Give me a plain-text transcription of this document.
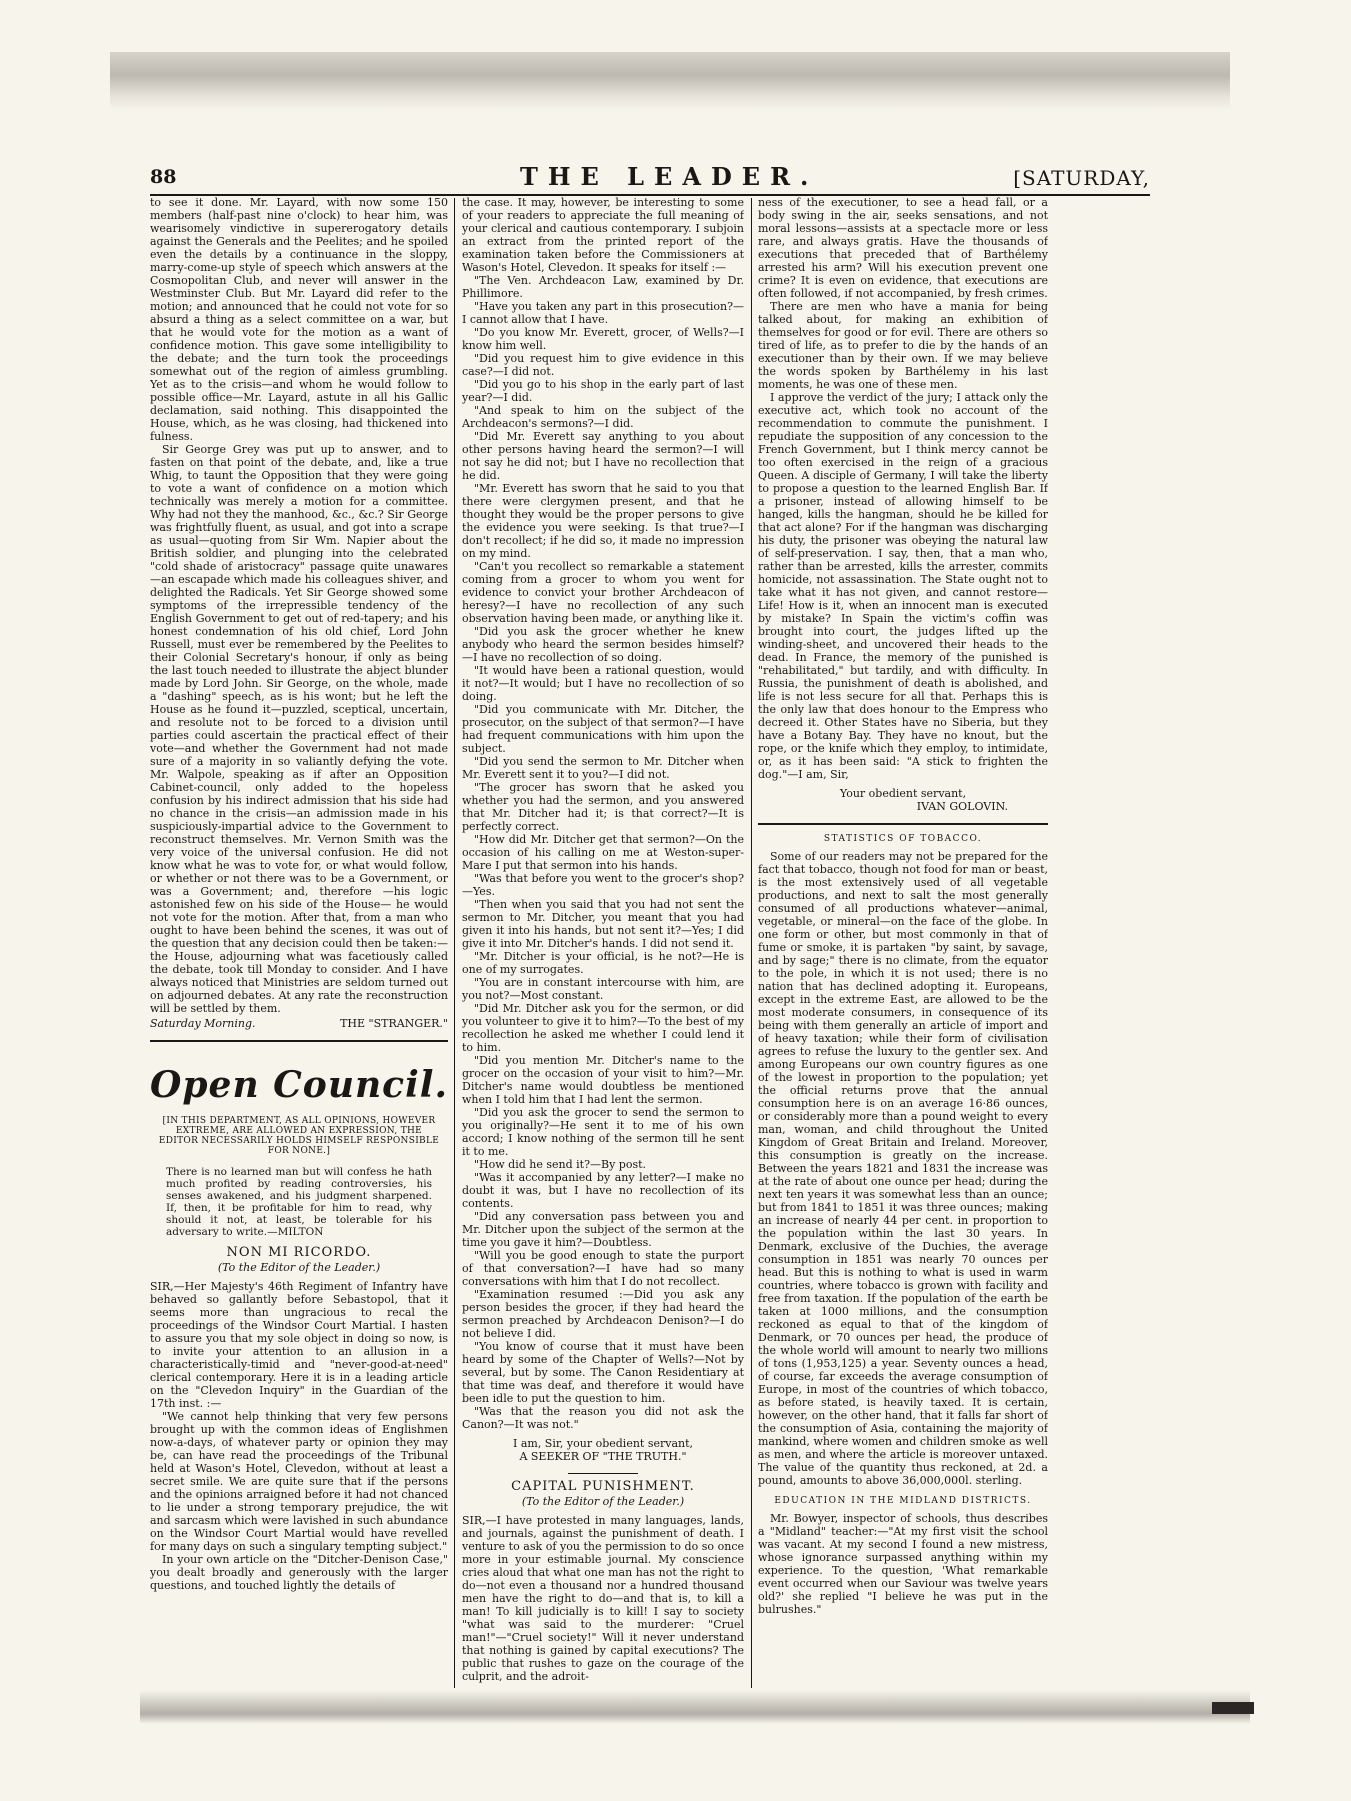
88	THE LEADER.	[SATURDAY,

to see it done. Mr. Layard, with now some 150 members (half-past nine o'clock) to hear him, was wearisomely vindictive in supererogatory details against the Generals and the Peelites; and he spoiled even the details by a continuance in the sloppy, marry-come-up style of speech which answers at the Cosmopolitan Club, and never will answer in the Westminster Club. But Mr. Layard did refer to the motion; and announced that he could not vote for so absurd a thing as a select committee on a war, but that he would vote for the motion as a want of confidence motion. This gave some intelligibility to the debate; and the turn took the proceedings somewhat out of the region of aimless grumbling. Yet as to the crisis—and whom he would follow to possible office—Mr. Layard, astute in all his Gallic declamation, said nothing. This disappointed the House, which, as he was closing, had thickened into fulness.

Sir George Grey was put up to answer, and to fasten on that point of the debate, and, like a true Whig, to taunt the Opposition that they were going to vote a want of confidence on a motion which technically was merely a motion for a committee. Why had not they the manhood, &c., &c.? Sir George was frightfully fluent, as usual, and got into a scrape as usual—quoting from Sir Wm. Napier about the British soldier, and plunging into the celebrated "cold shade of aristocracy" passage quite unawares —an escapade which made his colleagues shiver, and delighted the Radicals. Yet Sir George showed some symptoms of the irrepressible tendency of the English Government to get out of red-tapery; and his honest condemnation of his old chief, Lord John Russell, must ever be remembered by the Peelites to their Colonial Secretary's honour, if only as being the last touch needed to illustrate the abject blunder made by Lord John. Sir George, on the whole, made a "dashing" speech, as is his wont; but he left the House as he found it—puzzled, sceptical, uncertain, and resolute not to be forced to a division until parties could ascertain the practical effect of their vote—and whether the Government had not made sure of a majority in so valiantly defying the vote. Mr. Walpole, speaking as if after an Opposition Cabinet-council, only added to the hopeless confusion by his indirect admission that his side had no chance in the crisis—an admission made in his suspiciously-impartial advice to the Government to reconstruct themselves. Mr. Vernon Smith was the very voice of the universal confusion. He did not know what he was to vote for, or what would follow, or whether or not there was to be a Government, or was a Government; and, therefore —his logic astonished few on his side of the House— he would not vote for the motion. After that, from a man who ought to have been behind the scenes, it was out of the question that any decision could then be taken:—the House, adjourning what was facetiously called the debate, took till Monday to consider. And I have always noticed that Ministries are seldom turned out on adjourned debates. At any rate the reconstruction will be settled by them.

Saturday Morning.	THE "STRANGER."
Open Council.
[IN THIS DEPARTMENT, AS ALL OPINIONS, HOWEVER EXTREME, ARE ALLOWED AN EXPRESSION, THE EDITOR NECESSARILY HOLDS HIMSELF RESPONSIBLE FOR NONE.]
There is no learned man but will confess he hath much profited by reading controversies, his senses awakened, and his judgment sharpened. If, then, it be profitable for him to read, why should it not, at least, be tolerable for his adversary to write.—MILTON
NON MI RICORDO.
(To the Editor of the Leader.)

SIR,—Her Majesty's 46th Regiment of Infantry have behaved so gallantly before Sebastopol, that it seems more than ungracious to recal the proceedings of the Windsor Court Martial. I hasten to assure you that my sole object in doing so now, is to invite your attention to an allusion in a characteristically-timid and "never-good-at-need" clerical contemporary. Here it is in a leading article on the "Clevedon Inquiry" in the Guardian of the 17th inst. :—

"We cannot help thinking that very few persons brought up with the common ideas of Englishmen now-a-days, of whatever party or opinion they may be, can have read the proceedings of the Tribunal held at Wason's Hotel, Clevedon, without at least a secret smile. We are quite sure that if the persons and the opinions arraigned before it had not chanced to lie under a strong temporary prejudice, the wit and sarcasm which were lavished in such abundance on the Windsor Court Martial would have revelled for many days on such a singulary tempting subject."

In your own article on the "Ditcher-Denison Case," you dealt broadly and generously with the larger questions, and touched lightly the details of

the case. It may, however, be interesting to some of your readers to appreciate the full meaning of your clerical and cautious contemporary. I subjoin an extract from the printed report of the examination taken before the Commissioners at Wason's Hotel, Clevedon. It speaks for itself :—

"The Ven. Archdeacon Law, examined by Dr. Phillimore.

"Have you taken any part in this prosecution?—I cannot allow that I have.

"Do you know Mr. Everett, grocer, of Wells?—I know him well.

"Did you request him to give evidence in this case?—I did not.

"Did you go to his shop in the early part of last year?—I did.

"And speak to him on the subject of the Archdeacon's sermons?—I did.

"Did Mr. Everett say anything to you about other persons having heard the sermon?—I will not say he did not; but I have no recollection that he did.

"Mr. Everett has sworn that he said to you that there were clergymen present, and that he thought they would be the proper persons to give the evidence you were seeking. Is that true?—I don't recollect; if he did so, it made no impression on my mind.

"Can't you recollect so remarkable a statement coming from a grocer to whom you went for evidence to convict your brother Archdeacon of heresy?—I have no recollection of any such observation having been made, or anything like it.

"Did you ask the grocer whether he knew anybody who heard the sermon besides himself?—I have no recollection of so doing.

"It would have been a rational question, would it not?—It would; but I have no recollection of so doing.

"Did you communicate with Mr. Ditcher, the prosecutor, on the subject of that sermon?—I have had frequent communications with him upon the subject.

"Did you send the sermon to Mr. Ditcher when Mr. Everett sent it to you?—I did not.

"The grocer has sworn that he asked you whether you had the sermon, and you answered that Mr. Ditcher had it; is that correct?—It is perfectly correct.

"How did Mr. Ditcher get that sermon?—On the occasion of his calling on me at Weston-super-Mare I put that sermon into his hands.

"Was that before you went to the grocer's shop?—Yes.

"Then when you said that you had not sent the sermon to Mr. Ditcher, you meant that you had given it into his hands, but not sent it?—Yes; I did give it into Mr. Ditcher's hands. I did not send it.

"Mr. Ditcher is your official, is he not?—He is one of my surrogates.

"You are in constant intercourse with him, are you not?—Most constant.

"Did Mr. Ditcher ask you for the sermon, or did you volunteer to give it to him?—To the best of my recollection he asked me whether I could lend it to him.

"Did you mention Mr. Ditcher's name to the grocer on the occasion of your visit to him?—Mr. Ditcher's name would doubtless be mentioned when I told him that I had lent the sermon.

"Did you ask the grocer to send the sermon to you originally?—He sent it to me of his own accord; I know nothing of the sermon till he sent it to me.

"How did he send it?—By post.

"Was it accompanied by any letter?—I make no doubt it was, but I have no recollection of its contents.

"Did any conversation pass between you and Mr. Ditcher upon the subject of the sermon at the time you gave it him?—Doubtless.

"Will you be good enough to state the purport of that conversation?—I have had so many conversations with him that I do not recollect.

"Examination resumed :—Did you ask any person besides the grocer, if they had heard the sermon preached by Archdeacon Denison?—I do not believe I did.

"You know of course that it must have been heard by some of the Chapter of Wells?—Not by several, but by some. The Canon Residentiary at that time was deaf, and therefore it would have been idle to put the question to him.

"Was that the reason you did not ask the Canon?—It was not."

I am, Sir, your obedient servant,
A SEEKER OF "THE TRUTH."
CAPITAL PUNISHMENT.
(To the Editor of the Leader.)

SIR,—I have protested in many languages, lands, and journals, against the punishment of death. I venture to ask of you the permission to do so once more in your estimable journal. My conscience cries aloud that what one man has not the right to do—not even a thousand nor a hundred thousand men have the right to do—and that is, to kill a man! To kill judicially is to kill! I say to society "what was said to the murderer: "Cruel man!"—"Cruel society!" Will it never understand that nothing is gained by capital executions? The public that rushes to gaze on the courage of the culprit, and the adroit-

ness of the executioner, to see a head fall, or a body swing in the air, seeks sensations, and not moral lessons—assists at a spectacle more or less rare, and always gratis. Have the thousands of executions that preceded that of Barthélemy arrested his arm? Will his execution prevent one crime? It is even on evidence, that executions are often followed, if not accompanied, by fresh crimes.

There are men who have a mania for being talked about, for making an exhibition of themselves for good or for evil. There are others so tired of life, as to prefer to die by the hands of an executioner than by their own. If we may believe the words spoken by Barthélemy in his last moments, he was one of these men.

I approve the verdict of the jury; I attack only the executive act, which took no account of the recommendation to commute the punishment. I repudiate the supposition of any concession to the French Government, but I think mercy cannot be too often exercised in the reign of a gracious Queen. A disciple of Germany, I will take the liberty to propose a question to the learned English Bar. If a prisoner, instead of allowing himself to be hanged, kills the hangman, should he be killed for that act alone? For if the hangman was discharging his duty, the prisoner was obeying the natural law of self-preservation. I say, then, that a man who, rather than be arrested, kills the arrester, commits homicide, not assassination. The State ought not to take what it has not given, and cannot restore—Life! How is it, when an innocent man is executed by mistake? In Spain the victim's coffin was brought into court, the judges lifted up the winding-sheet, and uncovered their heads to the dead. In France, the memory of the punished is "rehabilitated," but tardily, and with difficulty. In Russia, the punishment of death is abolished, and life is not less secure for all that. Perhaps this is the only law that does honour to the Empress who decreed it. Other States have no Siberia, but they have a Botany Bay. They have no knout, but the rope, or the knife which they employ, to intimidate, or, as it has been said: "A stick to frighten the dog."—I am, Sir,

Your obedient servant,
IVAN GOLOVIN.
STATISTICS OF TOBACCO.

Some of our readers may not be prepared for the fact that tobacco, though not food for man or beast, is the most extensively used of all vegetable productions, and next to salt the most generally consumed of all productions whatever—animal, vegetable, or mineral—on the face of the globe. In one form or other, but most commonly in that of fume or smoke, it is partaken "by saint, by savage, and by sage;" there is no climate, from the equator to the pole, in which it is not used; there is no nation that has declined adopting it. Europeans, except in the extreme East, are allowed to be the most moderate consumers, in consequence of its being with them generally an article of import and of heavy taxation; while their form of civilisation agrees to refuse the luxury to the gentler sex. And among Europeans our own country figures as one of the lowest in proportion to the population; yet the official returns prove that the annual consumption here is on an average 16·86 ounces, or considerably more than a pound weight to every man, woman, and child throughout the United Kingdom of Great Britain and Ireland. Moreover, this consumption is greatly on the increase. Between the years 1821 and 1831 the increase was at the rate of about one ounce per head; during the next ten years it was somewhat less than an ounce; but from 1841 to 1851 it was three ounces; making an increase of nearly 44 per cent. in proportion to the population within the last 30 years. In Denmark, exclusive of the Duchies, the average consumption in 1851 was nearly 70 ounces per head. But this is nothing to what is used in warm countries, where tobacco is grown with facility and free from taxation. If the population of the earth be taken at 1000 millions, and the consumption reckoned as equal to that of the kingdom of Denmark, or 70 ounces per head, the produce of the whole world will amount to nearly two millions of tons (1,953,125) a year. Seventy ounces a head, of course, far exceeds the average consumption of Europe, in most of the countries of which tobacco, as before stated, is heavily taxed. It is certain, however, on the other hand, that it falls far short of the consumption of Asia, containing the majority of mankind, where women and children smoke as well as men, and where the article is moreover untaxed. The value of the quantity thus reckoned, at 2d. a pound, amounts to above 36,000,000l. sterling.

EDUCATION IN THE MIDLAND DISTRICTS.

Mr. Bowyer, inspector of schools, thus describes a "Midland" teacher:—"At my first visit the school was vacant. At my second I found a new mistress, whose ignorance surpassed anything within my experience. To the question, 'What remarkable event occurred when our Saviour was twelve years old?' she replied "I believe he was put in the bulrushes."
